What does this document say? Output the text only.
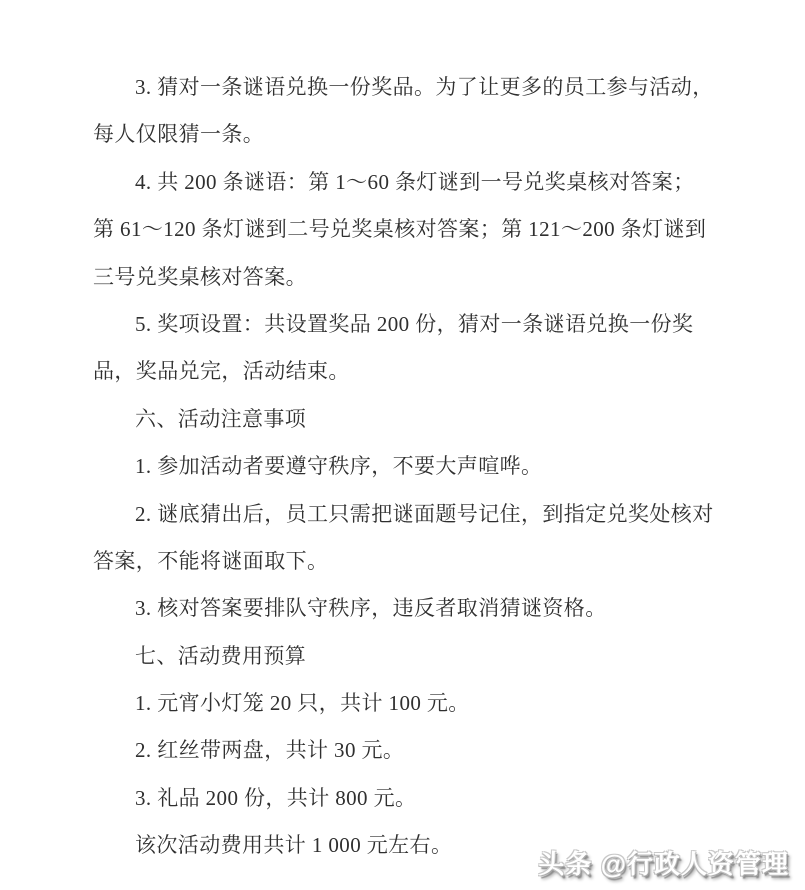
3. 猜对一条谜语兑换一份奖品。为了让更多的员工参与活动，
每人仅限猜一条。
4. 共 200 条谜语：第 1～60 条灯谜到一号兑奖桌核对答案；
第 61～120 条灯谜到二号兑奖桌核对答案；第 121～200 条灯谜到
三号兑奖桌核对答案。
5. 奖项设置：共设置奖品 200 份，猜对一条谜语兑换一份奖
品，奖品兑完，活动结束。
六、活动注意事项
1. 参加活动者要遵守秩序，不要大声喧哗。
2. 谜底猜出后，员工只需把谜面题号记住，到指定兑奖处核对
答案，不能将谜面取下。
3. 核对答案要排队守秩序，违反者取消猜谜资格。
七、活动费用预算
1. 元宵小灯笼 20 只，共计 100 元。
2. 红丝带两盘，共计 30 元。
3. 礼品 200 份，共计 800 元。
该次活动费用共计 1 000 元左右。
头条 @行政人资管理
